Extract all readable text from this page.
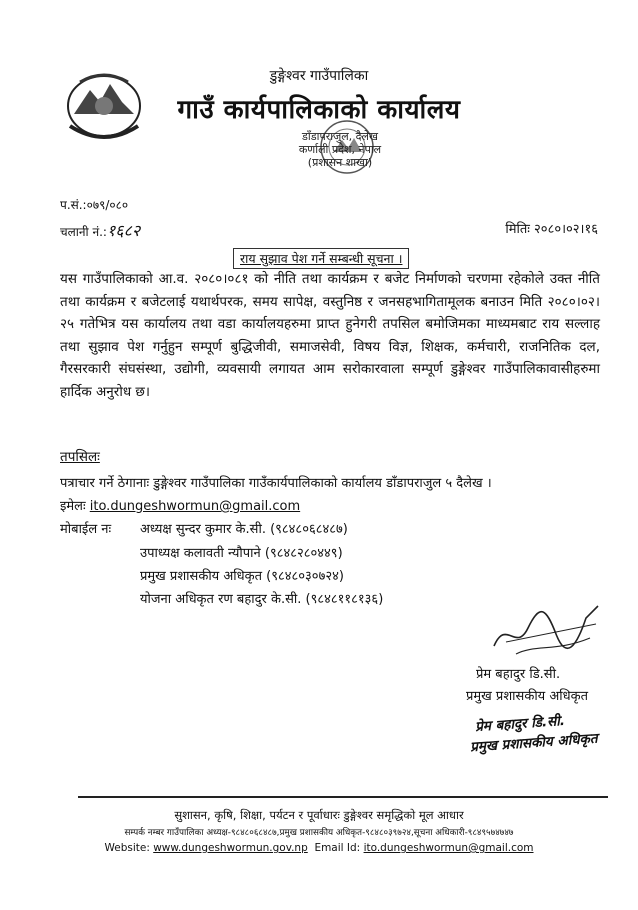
डुङ्गेश्वर गाउँपालिका
गाउँ कार्यपालिकाको कार्यालय
डाँडापराजुल, दैलेख
कर्णाली प्रदेश, नेपाल
(प्रशासन शाखा)
प.सं.:०७९/०८०
चलानी नं.:१६८२	मितिः २०८०।०२।१६
राय सुझाव पेश गर्ने सम्बन्धी सूचना ।
यस गाउँपालिकाको आ.व. २०८०।०८१ को नीति तथा कार्यक्रम र बजेट निर्माणको चरणमा रहेकोले उक्त नीति तथा कार्यक्रम र बजेटलाई यथार्थपरक, समय सापेक्ष, वस्तुनिष्ठ र जनसहभागितामूलक बनाउन मिति २०८०।०२।२५ गतेभित्र यस कार्यालय तथा वडा कार्यालयहरुमा प्राप्त हुनेगरी तपसिल बमोजिमका माध्यमबाट राय सल्लाह तथा सुझाव पेश गर्नुहुन सम्पूर्ण बुद्धिजीवी, समाजसेवी, विषय विज्ञ, शिक्षक, कर्मचारी, राजनितिक दल, गैरसरकारी संघसंस्था, उद्योगी, व्यवसायी लगायत आम सरोकारवाला सम्पूर्ण डुङ्गेश्वर गाउँपालिकावासीहरुमा हार्दिक अनुरोध छ।
तपसिलः
पत्राचार गर्ने ठेगानाः डुङ्गेश्वर गाउँपालिका गाउँकार्यपालिकाको कार्यालय डाँडापराजुल ५ दैलेख ।
इमेलः ito.dungeshwormun@gmail.com
मोबाईल नः अध्यक्ष सुन्दर कुमार के.सी. (९८४८०६८४८७)
उपाध्यक्ष कलावती न्यौपाने (९८४८२८०४४९)
प्रमुख प्रशासकीय अधिकृत (९८४८०३०७२४)
योजना अधिकृत रण बहादुर के.सी. (९८४८११८१३६)
प्रेम बहादुर डि.सी.
प्रमुख प्रशासकीय अधिकृत
प्रेम बहादुर डि.सी.
प्रमुख प्रशासकीय अधिकृत
सुशासन, कृषि, शिक्षा, पर्यटन र पूर्वाधारः डुङ्गेश्वर समृद्धिको मूल आधार
सम्पर्क नम्बर गाउँपालिका अध्यक्ष-९८४८०६८४८७,प्रमुख प्रशासकीय अधिकृत-९८४८०३९७२४,सूचना अधिकारी-९८४९५७४७४७
Website: www.dungeshwormun.gov.np Email Id: ito.dungeshwormun@gmail.com
